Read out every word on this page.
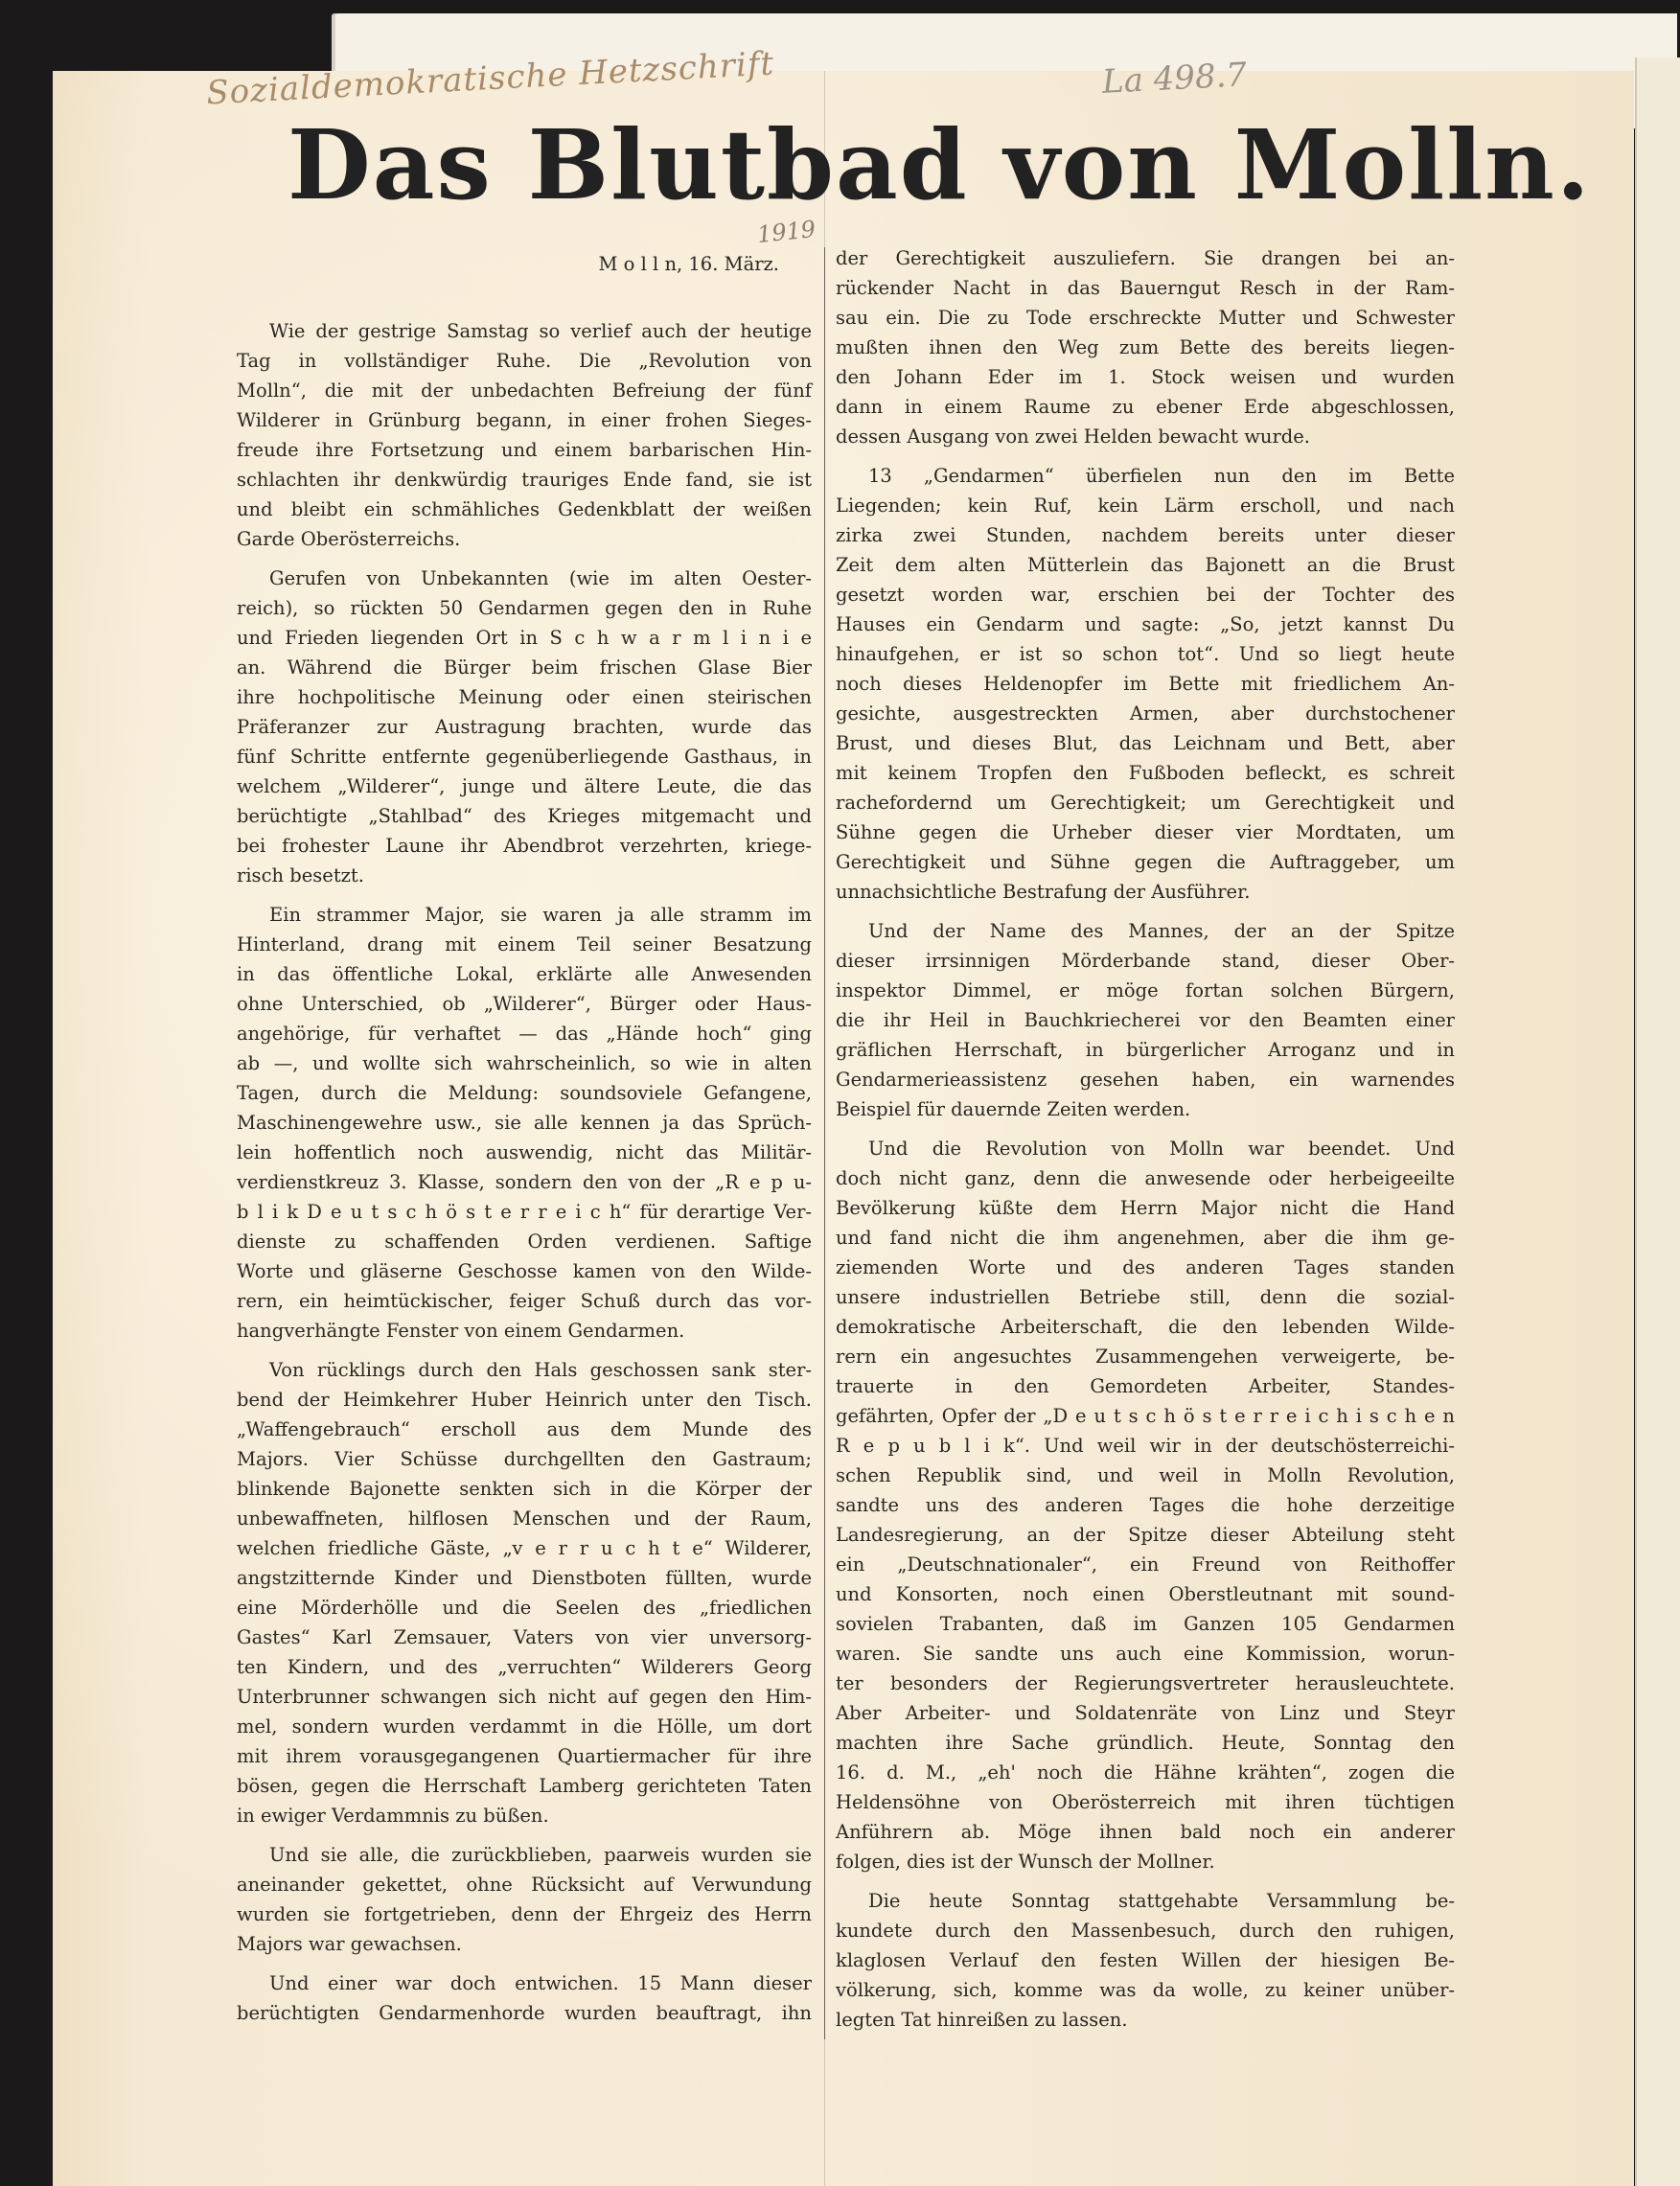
Sozialdemokratische Hetzschrift	La 498.7
1919
Das Blutbad von Molln.
M o l l n, 16. März.
Wie der gestrige Samstag so verlief auch der heutige
Tag in vollständiger Ruhe. Die „Revolution von
Molln“, die mit der unbedachten Befreiung der fünf
Wilderer in Grünburg begann, in einer frohen Sieges-
freude ihre Fortsetzung und einem barbarischen Hin-
schlachten ihr denkwürdig trauriges Ende fand, sie ist
und bleibt ein schmähliches Gedenkblatt der weißen
Garde Oberösterreichs.
Gerufen von Unbekannten (wie im alten Oester-
reich), so rückten 50 Gendarmen gegen den in Ruhe
und Frieden liegenden Ort in S c h w a r m l i n i e
an. Während die Bürger beim frischen Glase Bier
ihre hochpolitische Meinung oder einen steirischen
Präferanzer zur Austragung brachten, wurde das
fünf Schritte entfernte gegenüberliegende Gasthaus, in
welchem „Wilderer“, junge und ältere Leute, die das
berüchtigte „Stahlbad“ des Krieges mitgemacht und
bei frohester Laune ihr Abendbrot verzehrten, kriege-
risch besetzt.
Ein strammer Major, sie waren ja alle stramm im
Hinterland, drang mit einem Teil seiner Besatzung
in das öffentliche Lokal, erklärte alle Anwesenden
ohne Unterschied, ob „Wilderer“, Bürger oder Haus-
angehörige, für verhaftet — das „Hände hoch“ ging
ab —, und wollte sich wahrscheinlich, so wie in alten
Tagen, durch die Meldung: soundsoviele Gefangene,
Maschinengewehre usw., sie alle kennen ja das Sprüch-
lein hoffentlich noch auswendig, nicht das Militär-
verdienstkreuz 3. Klasse, sondern den von der „R e p u-
b l i k D e u t s c h ö s t e r r e i c h“ für derartige Ver-
dienste zu schaffenden Orden verdienen. Saftige
Worte und gläserne Geschosse kamen von den Wilde-
rern, ein heimtückischer, feiger Schuß durch das vor-
hangverhängte Fenster von einem Gendarmen.
Von rücklings durch den Hals geschossen sank ster-
bend der Heimkehrer Huber Heinrich unter den Tisch.
„Waffengebrauch“ erscholl aus dem Munde des
Majors. Vier Schüsse durchgellten den Gastraum;
blinkende Bajonette senkten sich in die Körper der
unbewaffneten, hilflosen Menschen und der Raum,
welchen friedliche Gäste, „v e r r u c h t e“ Wilderer,
angstzitternde Kinder und Dienstboten füllten, wurde
eine Mörderhölle und die Seelen des „friedlichen
Gastes“ Karl Zemsauer, Vaters von vier unversorg-
ten Kindern, und des „verruchten“ Wilderers Georg
Unterbrunner schwangen sich nicht auf gegen den Him-
mel, sondern wurden verdammt in die Hölle, um dort
mit ihrem vorausgegangenen Quartiermacher für ihre
bösen, gegen die Herrschaft Lamberg gerichteten Taten
in ewiger Verdammnis zu büßen.
Und sie alle, die zurückblieben, paarweis wurden sie
aneinander gekettet, ohne Rücksicht auf Verwundung
wurden sie fortgetrieben, denn der Ehrgeiz des Herrn
Majors war gewachsen.
Und einer war doch entwichen. 15 Mann dieser
berüchtigten Gendarmenhorde wurden beauftragt, ihn
der Gerechtigkeit auszuliefern. Sie drangen bei an-
rückender Nacht in das Bauerngut Resch in der Ram-
sau ein. Die zu Tode erschreckte Mutter und Schwester
mußten ihnen den Weg zum Bette des bereits liegen-
den Johann Eder im 1. Stock weisen und wurden
dann in einem Raume zu ebener Erde abgeschlossen,
dessen Ausgang von zwei Helden bewacht wurde.
13 „Gendarmen“ überfielen nun den im Bette
Liegenden; kein Ruf, kein Lärm erscholl, und nach
zirka zwei Stunden, nachdem bereits unter dieser
Zeit dem alten Mütterlein das Bajonett an die Brust
gesetzt worden war, erschien bei der Tochter des
Hauses ein Gendarm und sagte: „So, jetzt kannst Du
hinaufgehen, er ist so schon tot“. Und so liegt heute
noch dieses Heldenopfer im Bette mit friedlichem An-
gesichte, ausgestreckten Armen, aber durchstochener
Brust, und dieses Blut, das Leichnam und Bett, aber
mit keinem Tropfen den Fußboden befleckt, es schreit
rachefordernd um Gerechtigkeit; um Gerechtigkeit und
Sühne gegen die Urheber dieser vier Mordtaten, um
Gerechtigkeit und Sühne gegen die Auftraggeber, um
unnachsichtliche Bestrafung der Ausführer.
Und der Name des Mannes, der an der Spitze
dieser irrsinnigen Mörderbande stand, dieser Ober-
inspektor Dimmel, er möge fortan solchen Bürgern,
die ihr Heil in Bauchkriecherei vor den Beamten einer
gräflichen Herrschaft, in bürgerlicher Arroganz und in
Gendarmerieassistenz gesehen haben, ein warnendes
Beispiel für dauernde Zeiten werden.
Und die Revolution von Molln war beendet. Und
doch nicht ganz, denn die anwesende oder herbeigeeilte
Bevölkerung küßte dem Herrn Major nicht die Hand
und fand nicht die ihm angenehmen, aber die ihm ge-
ziemenden Worte und des anderen Tages standen
unsere industriellen Betriebe still, denn die sozial-
demokratische Arbeiterschaft, die den lebenden Wilde-
rern ein angesuchtes Zusammengehen verweigerte, be-
trauerte in den Gemordeten Arbeiter, Standes-
gefährten, Opfer der „D e u t s c h ö s t e r r e i c h i s c h e n
R e p u b l i k“. Und weil wir in der deutschösterreichi-
schen Republik sind, und weil in Molln Revolution,
sandte uns des anderen Tages die hohe derzeitige
Landesregierung, an der Spitze dieser Abteilung steht
ein „Deutschnationaler“, ein Freund von Reithoffer
und Konsorten, noch einen Oberstleutnant mit sound-
sovielen Trabanten, daß im Ganzen 105 Gendarmen
waren. Sie sandte uns auch eine Kommission, worun-
ter besonders der Regierungsvertreter herausleuchtete.
Aber Arbeiter- und Soldatenräte von Linz und Steyr
machten ihre Sache gründlich. Heute, Sonntag den
16. d. M., „eh' noch die Hähne krähten“, zogen die
Heldensöhne von Oberösterreich mit ihren tüchtigen
Anführern ab. Möge ihnen bald noch ein anderer
folgen, dies ist der Wunsch der Mollner.
Die heute Sonntag stattgehabte Versammlung be-
kundete durch den Massenbesuch, durch den ruhigen,
klaglosen Verlauf den festen Willen der hiesigen Be-
völkerung, sich, komme was da wolle, zu keiner unüber-
legten Tat hinreißen zu lassen.
